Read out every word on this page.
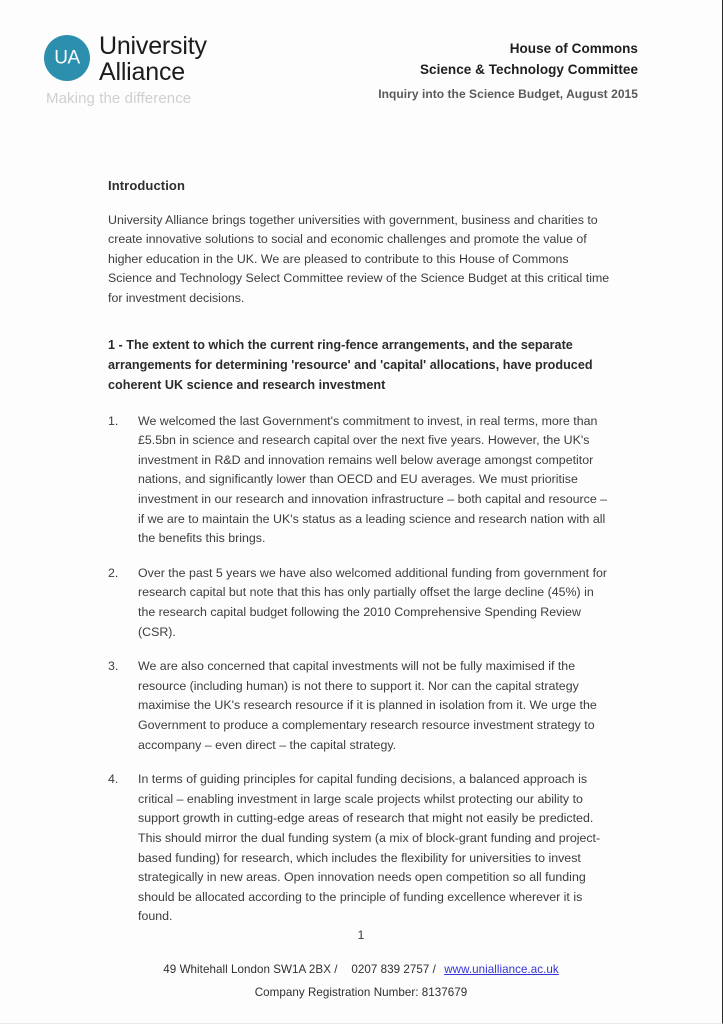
UA University
Alliance
Making the difference
House of Commons
Science & Technology Committee
Inquiry into the Science Budget, August 2015
Introduction

University Alliance brings together universities with government, business and charities to create innovative solutions to social and economic challenges and promote the value of higher education in the UK. We are pleased to contribute to this House of Commons Science and Technology Select Committee review of the Science Budget at this critical time for investment decisions.

1 - The extent to which the current ring-fence arrangements, and the separate arrangements for determining 'resource' and 'capital' allocations, have produced coherent UK science and research investment
We welcomed the last Government's commitment to invest, in real terms, more than £5.5bn in science and research capital over the next five years. However, the UK's investment in R&D and innovation remains well below average amongst competitor nations, and significantly lower than OECD and EU averages. We must prioritise investment in our research and innovation infrastructure – both capital and resource – if we are to maintain the UK's status as a leading science and research nation with all the benefits this brings.
Over the past 5 years we have also welcomed additional funding from government for research capital but note that this has only partially offset the large decline (45%) in the research capital budget following the 2010 Comprehensive Spending Review (CSR).
We are also concerned that capital investments will not be fully maximised if the resource (including human) is not there to support it. Nor can the capital strategy maximise the UK's research resource if it is planned in isolation from it. We urge the Government to produce a complementary research resource investment strategy to accompany – even direct – the capital strategy.
In terms of guiding principles for capital funding decisions, a balanced approach is critical – enabling investment in large scale projects whilst protecting our ability to support growth in cutting-edge areas of research that might not easily be predicted. This should mirror the dual funding system (a mix of block-grant funding and project-based funding) for research, which includes the flexibility for universities to invest strategically in new areas. Open innovation needs open competition so all funding should be allocated according to the principle of funding excellence wherever it is found.
1
49 Whitehall London SW1A 2BX / 0207 839 2757 / www.unialliance.ac.uk
Company Registration Number: 8137679
